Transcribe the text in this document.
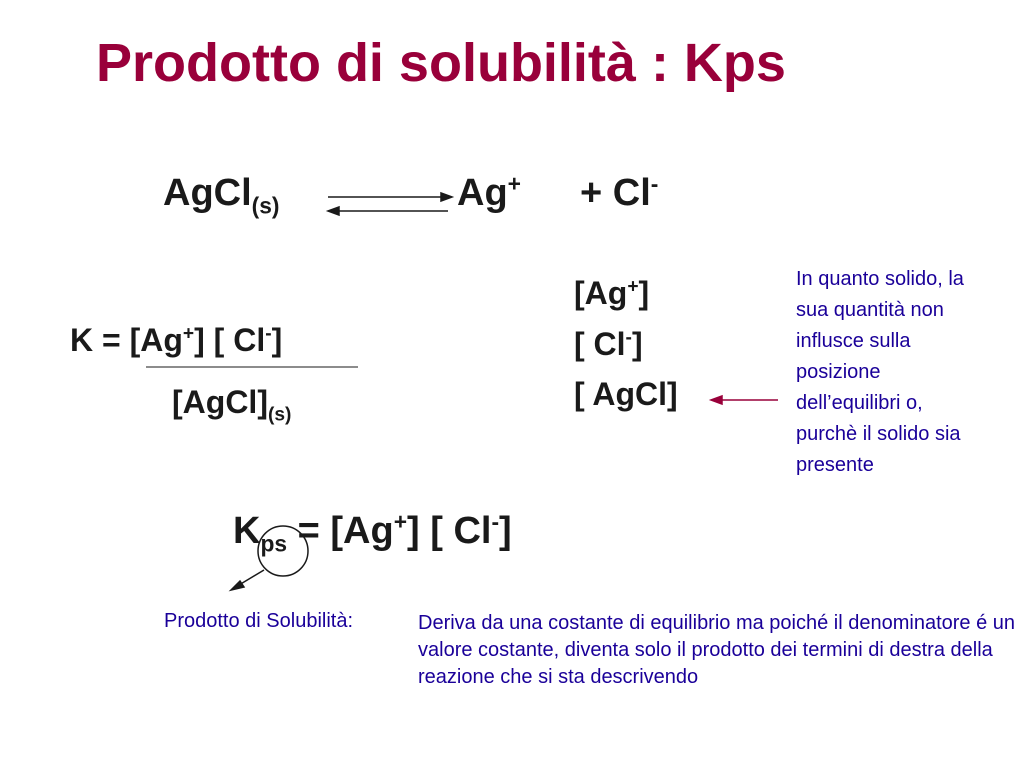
Prodotto di solubilità : Kps
AgCl$_{(s)}$	Ag+ + Cl-
K = [Ag+] [ Cl-]
$[AgCl]_{(s)}$
[Ag+]
[ Cl-]
[ AgCl]
In quanto solido, la sua quantità non influsce sulla posizione dell’equilibri o, purchè il solido sia presente
$K_{ps} = [Ag^+]$ [ Cl-]
Prodotto di Solubilità:	Deriva da una costante di equilibrio ma poiché il denominatore é un valore costante, diventa solo il prodotto dei termini di destra della reazione che si sta descrivendo
